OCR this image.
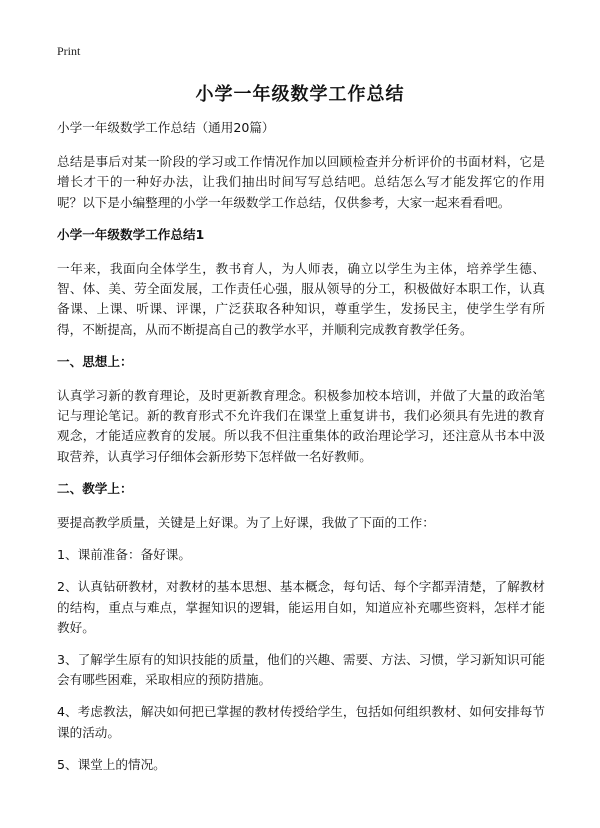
Print
小学一年级数学工作总结

小学一年级数学工作总结（通用20篇）

总结是事后对某一阶段的学习或工作情况作加以回顾检查并分析评价的书面材料，它是增长才干的一种好办法，让我们抽出时间写写总结吧。总结怎么写才能发挥它的作用呢？以下是小编整理的小学一年级数学工作总结，仅供参考，大家一起来看看吧。

小学一年级数学工作总结1

一年来，我面向全体学生，教书育人，为人师表，确立以学生为主体，培养学生德、智、体、美、劳全面发展，工作责任心强，服从领导的分工，积极做好本职工作，认真备课、上课、听课、评课，广泛获取各种知识，尊重学生，发扬民主，使学生学有所得，不断提高，从而不断提高自己的教学水平，并顺利完成教育教学任务。

一、思想上：

认真学习新的教育理论，及时更新教育理念。积极参加校本培训，并做了大量的政治笔记与理论笔记。新的教育形式不允许我们在课堂上重复讲书，我们必须具有先进的教育观念，才能适应教育的发展。所以我不但注重集体的政治理论学习，还注意从书本中汲取营养，认真学习仔细体会新形势下怎样做一名好教师。

二、教学上：

要提高教学质量，关键是上好课。为了上好课，我做了下面的工作：

1、课前准备：备好课。

2、认真钻研教材，对教材的基本思想、基本概念，每句话、每个字都弄清楚，了解教材的结构，重点与难点，掌握知识的逻辑，能运用自如，知道应补充哪些资料，怎样才能教好。

3、了解学生原有的知识技能的质量，他们的兴趣、需要、方法、习惯，学习新知识可能会有哪些困难，采取相应的预防措施。

4、考虑教法，解决如何把已掌握的教材传授给学生，包括如何组织教材、如何安排每节课的活动。

5、课堂上的情况。
